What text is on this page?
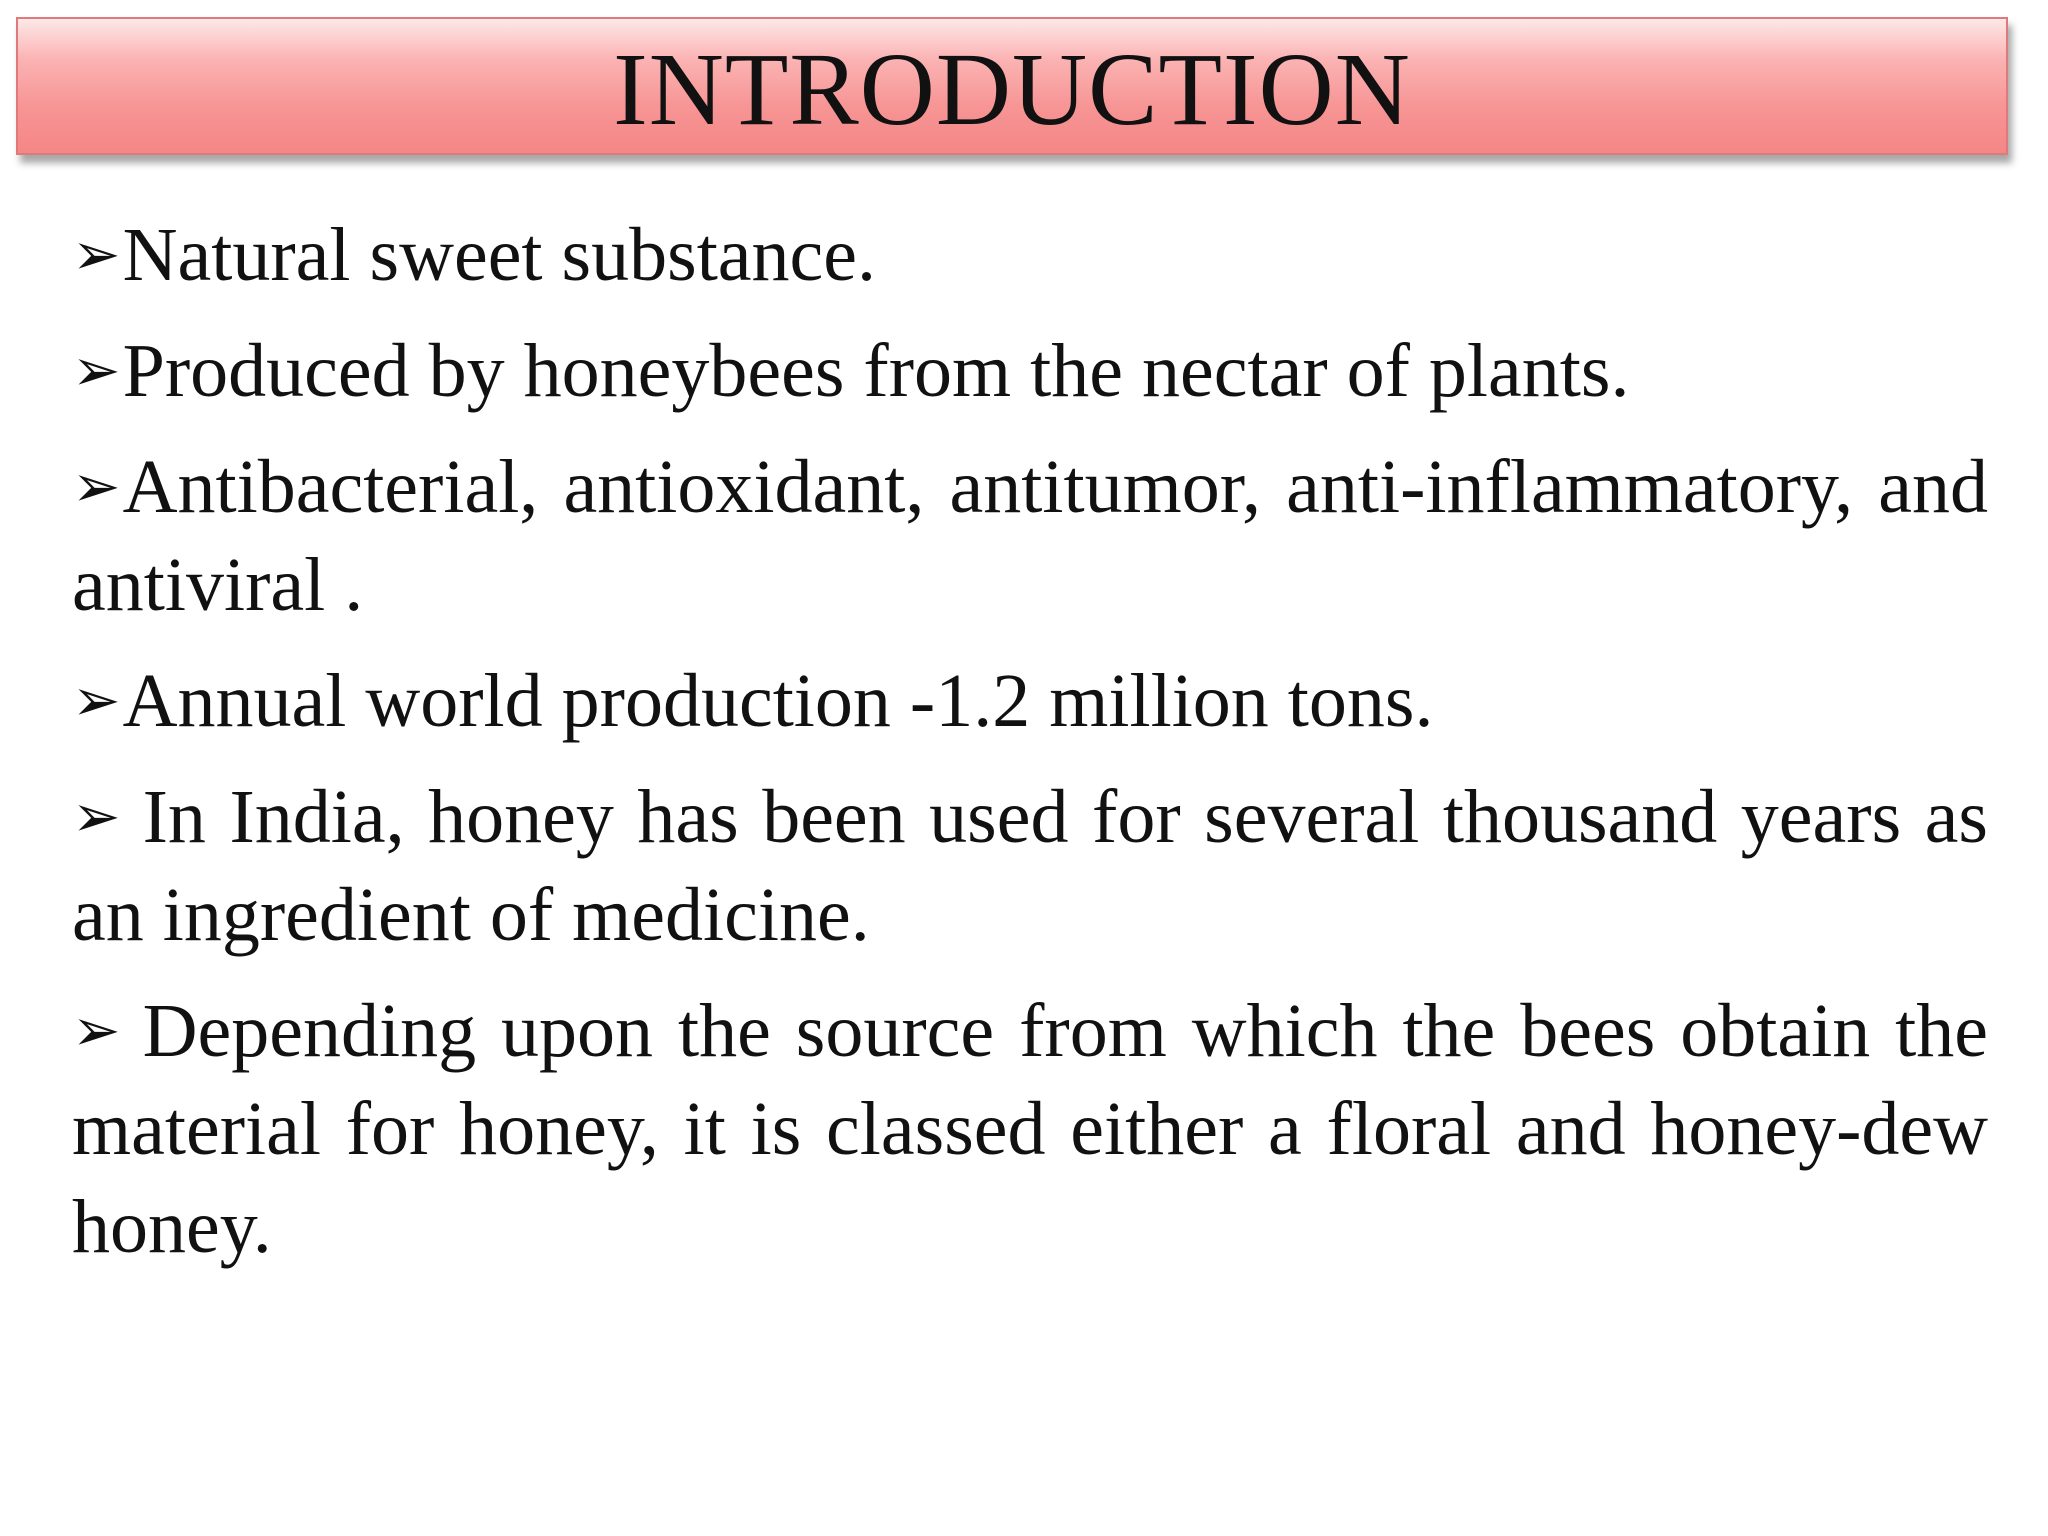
INTRODUCTION

➢Natural sweet substance.

➢Produced by honeybees from the nectar of plants.

➢Antibacterial, antioxidant, antitumor, anti-inflammatory, and antiviral .

➢Annual world production -1.2 million tons.

➢ In India, honey has been used for several thousand years as an ingredient of medicine.

➢ Depending upon the source from which the bees obtain the material for honey, it is classed either a floral and honey-dew honey.
